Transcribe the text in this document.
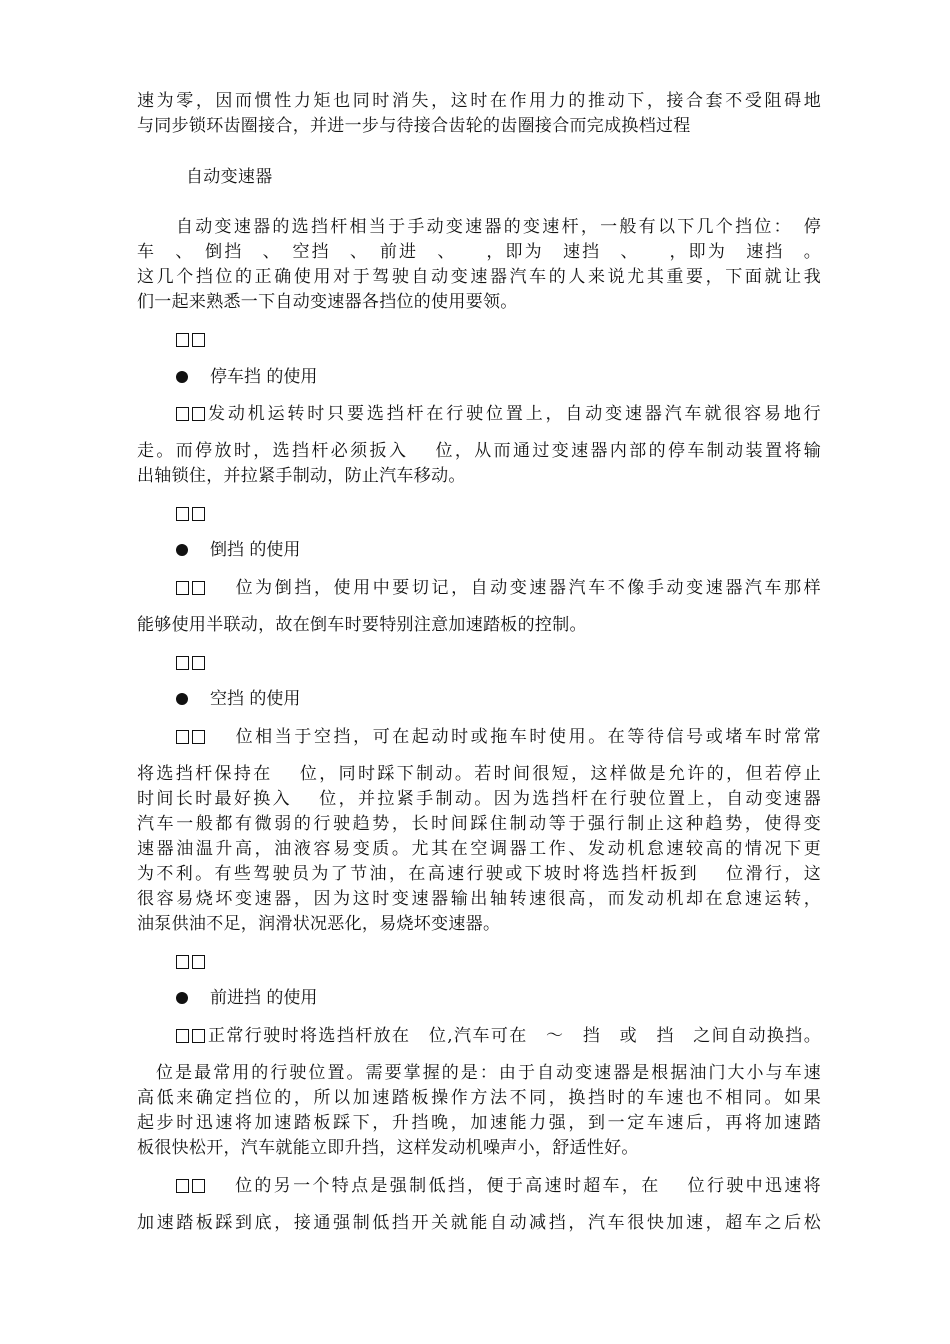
速为零，因而惯性力矩也同时消失，这时在作用力的推动下，接合套不受阻碍地
与同步锁环齿圈接合，并进一步与待接合齿轮的齿圈接合而完成换档过程
自动变速器
自动变速器的选挡杆相当于手动变速器的变速杆，一般有以下几个挡位：　停
车　、　倒挡　、　空挡　、　前进　、　　，即为　速挡　、　　，即为　速挡　。
这几个挡位的正确使用对于驾驶自动变速器汽车的人来说尤其重要，下面就让我
们一起来熟悉一下自动变速器各挡位的使用要领。
停车挡 的使用
发动机运转时只要选挡杆在行驶位置上，自动变速器汽车就很容易地行
走。而停放时，选挡杆必须扳入　 位，从而通过变速器内部的停车制动装置将输
出轴锁住，并拉紧手制动，防止汽车移动。
倒挡 的使用
　 位为倒挡，使用中要切记，自动变速器汽车不像手动变速器汽车那样
能够使用半联动，故在倒车时要特别注意加速踏板的控制。
空挡 的使用
　 位相当于空挡，可在起动时或拖车时使用。在等待信号或堵车时常常
将选挡杆保持在　 位，同时踩下制动。若时间很短，这样做是允许的，但若停止
时间长时最好换入　 位，并拉紧手制动。因为选挡杆在行驶位置上，自动变速器
汽车一般都有微弱的行驶趋势，长时间踩住制动等于强行制止这种趋势，使得变
速器油温升高，油液容易变质。尤其在空调器工作、发动机怠速较高的情况下更
为不利。有些驾驶员为了节油，在高速行驶或下坡时将选挡杆扳到　 位滑行，这
很容易烧坏变速器，因为这时变速器输出轴转速很高，而发动机却在怠速运转，
油泵供油不足，润滑状况恶化，易烧坏变速器。
前进挡 的使用
正常行驶时将选挡杆放在　位,汽车可在　～　挡　或　挡　之间自动换挡。
　位是最常用的行驶位置。需要掌握的是：由于自动变速器是根据油门大小与车速
高低来确定挡位的，所以加速踏板操作方法不同，换挡时的车速也不相同。如果
起步时迅速将加速踏板踩下，升挡晚，加速能力强，到一定车速后，再将加速踏
板很快松开，汽车就能立即升挡，这样发动机噪声小，舒适性好。
　 位的另一个特点是强制低挡，便于高速时超车，在　 位行驶中迅速将
加速踏板踩到底，接通强制低挡开关就能自动减挡，汽车很快加速，超车之后松
